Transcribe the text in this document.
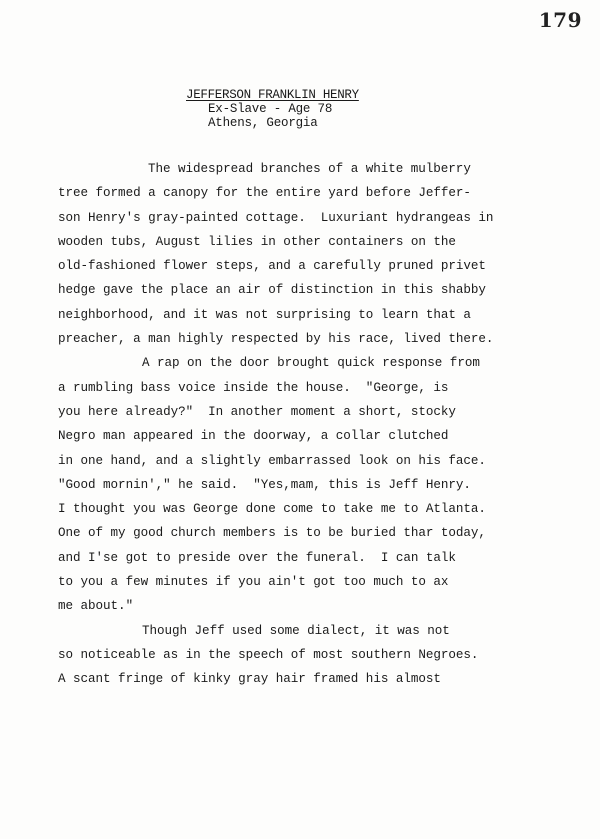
179
JEFFERSON FRANKLIN HENRY
Ex-Slave - Age 78
Athens, Georgia
The widespread branches of a white mulberry
tree formed a canopy for the entire yard before Jeffer-
son Henry's gray-painted cottage.  Luxuriant hydrangeas in
wooden tubs, August lilies in other containers on the
old-fashioned flower steps, and a carefully pruned privet
hedge gave the place an air of distinction in this shabby
neighborhood, and it was not surprising to learn that a
preacher, a man highly respected by his race, lived there.
A rap on the door brought quick response from
a rumbling bass voice inside the house.  "George, is
you here already?"  In another moment a short, stocky
Negro man appeared in the doorway, a collar clutched
in one hand, and a slightly embarrassed look on his face.
"Good mornin'," he said.  "Yes,mam, this is Jeff Henry.
I thought you was George done come to take me to Atlanta.
One of my good church members is to be buried thar today,
and I'se got to preside over the funeral.  I can talk
to you a few minutes if you ain't got too much to ax
me about."
Though Jeff used some dialect, it was not
so noticeable as in the speech of most southern Negroes.
A scant fringe of kinky gray hair framed his almost
